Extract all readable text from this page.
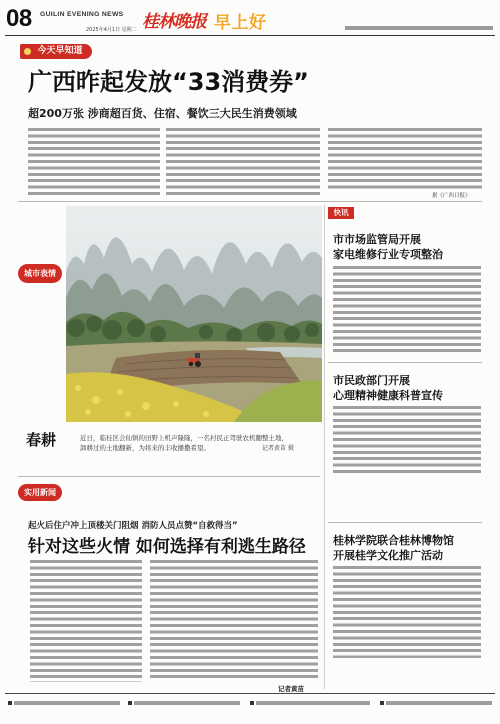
08 GUILIN EVENING NEWS
2025年4月1日 星期二 桂林晚报 早上好
今天早知道
广西昨起发放“33消费券”
超200万张 涉商超百货、住宿、餐饮三大民生消费领域
据《广西日报》
城市表情
春耕	近日，临桂区会仙镇的田野上机声隆隆，一名村民正驾驶农机翻整土地，
卸耕过的土地翻新，为将来的丰收播撒希望。	记者黄苗 摄
快讯
市市场监管局开展
家电维修行业专项整治
市民政部门开展
心理精神健康科普宣传
桂林学院联合桂林博物馆
开展桂学文化推广活动
实用新闻
起火后住户冲上顶楼关门阻烟 消防人员点赞“自救得当”
针对这些火情 如何选择有利逃生路径
记者黄苗
